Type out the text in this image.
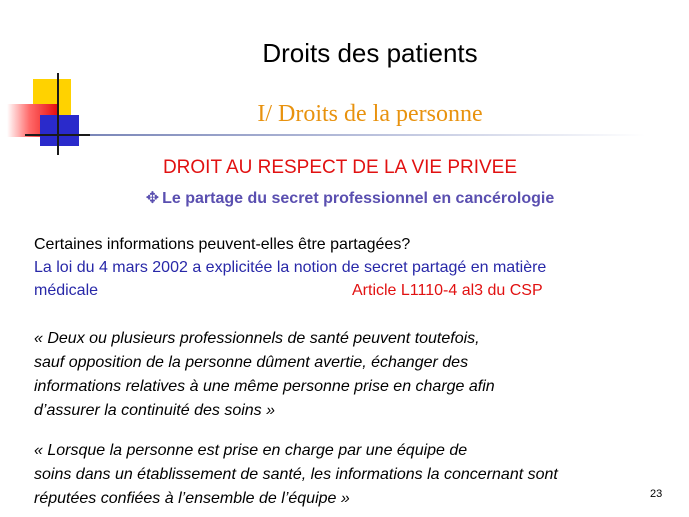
Droits des patients
I/ Droits de la personne
DROIT AU RESPECT DE LA VIE PRIVEE
✥ Le partage du secret professionnel en cancérologie
Certaines informations peuvent-elles être partagées?
La loi du 4 mars 2002 a explicitée la notion de secret partagé en matière
médicale	Article L1110-4 al3 du CSP
« Deux ou plusieurs professionnels de santé peuvent toutefois,
sauf opposition de la personne dûment avertie, échanger des
informations relatives à une même personne prise en charge afin
d’assurer la continuité des soins »
« Lorsque la personne est prise en charge par une équipe de
soins dans un établissement de santé, les informations la concernant sont
réputées confiées à l’ensemble de l’équipe »	23
